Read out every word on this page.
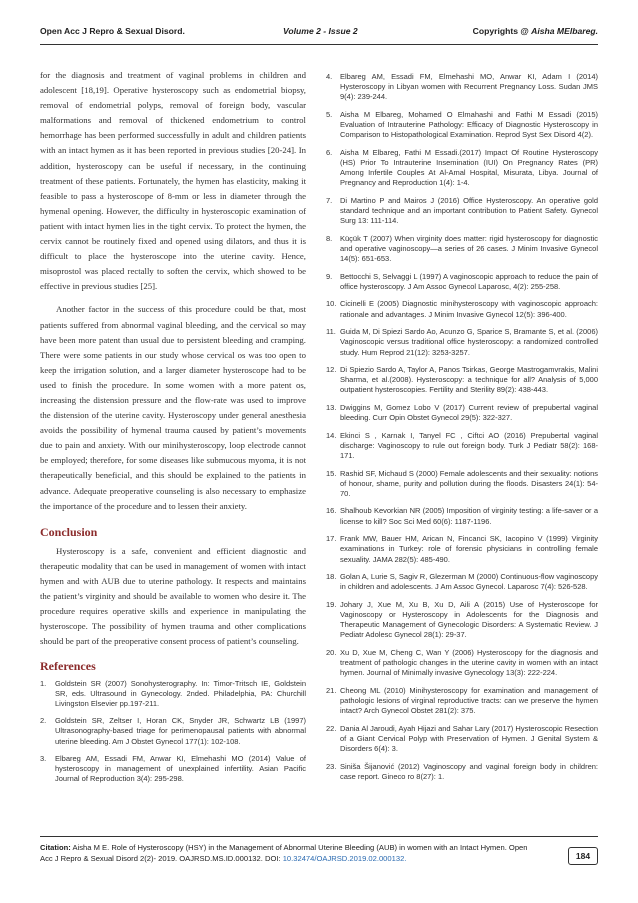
Open Acc J Repro & Sexual Disord.	Volume 2 - Issue 2	Copyrights @ Aisha MElbareg.

for the diagnosis and treatment of vaginal problems in children and adolescent [18,19]. Operative hysteroscopy such as endometrial biopsy, removal of endometrial polyps, removal of foreign body, vascular malformations and removal of thickened endometrium to control hemorrhage has been performed successfully in adult and children patients with an intact hymen as it has been reported in previous studies [20-24]. In addition, hysteroscopy can be useful if necessary, in the continuing treatment of these patients. Fortunately, the hymen has elasticity, making it feasible to pass a hysteroscope of 8-mm or less in diameter through the hymenal opening. However, the difficulty in hysteroscopic examination of patient with intact hymen lies in the tight cervix. To protect the hymen, the cervix cannot be routinely fixed and opened using dilators, and thus it is difficult to place the hysteroscope into the uterine cavity. Hence, misoprostol was placed rectally to soften the cervix, which showed to be effective in previous studies [25].

Another factor in the success of this procedure could be that, most patients suffered from abnormal vaginal bleeding, and the cervical so may have been more patent than usual due to persistent bleeding and cramping. There were some patients in our study whose cervical os was too open to keep the irrigation solution, and a larger diameter hysteroscope had to be used to finish the procedure. In some women with a more patent os, increasing the distension pressure and the flow-rate was used to improve the distension of the uterine cavity. Hysteroscopy under general anesthesia avoids the possibility of hymenal trauma caused by patient’s movements due to pain and anxiety. With our minihysteroscopy, loop electrode cannot be employed; therefore, for some diseases like submucous myoma, it is not therapeutically beneficial, and this should be explained to the patients in advance. Adequate preoperative counseling is also necessary to emphasize the importance of the procedure and to lessen their anxiety.

Conclusion

Hysteroscopy is a safe, convenient and efficient diagnostic and therapeutic modality that can be used in management of women with intact hymen and with AUB due to uterine pathology. It respects and maintains the patient’s virginity and should be available to women who desire it. The procedure requires operative skills and experience in manipulating the hysteroscope. The possibility of hymen trauma and other complications should be part of the preoperative consent process of patient’s counseling.

References
1. Goldstein SR (2007) Sonohysterography. In: Timor-Tritsch IE, Goldstein SR, eds. Ultrasound in Gynecology. 2nded. Philadelphia, PA: Churchill Livingston Elsevier pp.197-211.
2. Goldstein SR, Zeltser I, Horan CK, Snyder JR, Schwartz LB (1997) Ultrasonography-based triage for perimenopausal patients with abnormal uterine bleeding. Am J Obstet Gynecol 177(1): 102-108.
3. Elbareg AM, Essadi FM, Anwar KI, Elmehashi MO (2014) Value of hysteroscopy in management of unexplained infertility. Asian Pacific Journal of Reproduction 3(4): 295-298.
4. Elbareg AM, Essadi FM, Elmehashi MO, Anwar KI, Adam I (2014) Hysteroscopy in Libyan women with Recurrent Pregnancy Loss. Sudan JMS 9(4): 239-244.
5. Aisha M Elbareg, Mohamed O Elmahashi and Fathi M Essadi (2015) Evaluation of Intrauterine Pathology: Efficacy of Diagnostic Hysteroscopy in Comparison to Histopathological Examination. Reprod Syst Sex Disord 4(2).
6. Aisha M Elbareg, Fathi M Essadi.(2017) Impact Of Routine Hysteroscopy (HS) Prior To Intrauterine Insemination (IUI) On Pregnancy Rates (PR) Among Infertile Couples At Al-Amal Hospital, Misurata, Libya. Journal of Pregnancy and Reproduction 1(4): 1-4.
7. Di Martino P and Mairos J (2016) Office Hysteroscopy. An operative gold standard technique and an important contribution to Patient Safety. Gynecol Surg 13: 111-114.
8. Küçük T (2007) When virginity does matter: rigid hysteroscopy for diagnostic and operative vaginoscopy—a series of 26 cases. J Minim Invasive Gynecol 14(5): 651-653.
9. Bettocchi S, Selvaggi L (1997) A vaginoscopic approach to reduce the pain of office hysteroscopy. J Am Assoc Gynecol Laparosc, 4(2): 255-258.
10. Cicinelli E (2005) Diagnostic minihysteroscopy with vaginoscopic approach: rationale and advantages. J Minim Invasive Gynecol 12(5): 396-400.
11. Guida M, Di Spiezi Sardo Ao, Acunzo G, Sparice S, Bramante S, et al. (2006) Vaginoscopic versus traditional office hysteroscopy: a randomized controlled study. Hum Reprod 21(12): 3253-3257.
12. Di Spiezio Sardo A, Taylor A, Panos Tsirkas, George Mastrogamvrakis, Malini Sharma, et al.(2008). Hysteroscopy: a technique for all? Analysis of 5,000 outpatient hysteroscopies. Fertility and Sterility 89(2): 438-443.
13. Dwiggins M, Gomez Lobo V (2017) Current review of prepubertal vaginal bleeding. Curr Opin Obstet Gynecol 29(5): 322-327.
14. Ekinci S , Karnak I, Tanyel FC , Ciftci AO (2016) Prepubertal vaginal discharge: Vaginoscopy to rule out foreign body. Turk J Pediatr 58(2): 168-171.
15. Rashid SF, Michaud S (2000) Female adolescents and their sexuality: notions of honour, shame, purity and pollution during the floods. Disasters 24(1): 54-70.
16. Shalhoub Kevorkian NR (2005) Imposition of virginity testing: a life-saver or a license to kill? Soc Sci Med 60(6): 1187-1196.
17. Frank MW, Bauer HM, Arican N, Fincanci SK, Iacopino V (1999) Virginity examinations in Turkey: role of forensic physicians in controlling female sexuality. JAMA 282(5): 485-490.
18. Golan A, Lurie S, Sagiv R, Glezerman M (2000) Continuous-flow vaginoscopy in children and adolescents. J Am Assoc Gynecol. Laparosc 7(4): 526-528.
19. Johary J, Xue M, Xu B, Xu D, Aili A (2015) Use of Hysteroscope for Vaginoscopy or Hysteroscopy in Adolescents for the Diagnosis and Therapeutic Management of Gynecologic Disorders: A Systematic Review. J Pediatr Adolesc Gynecol 28(1): 29-37.
20. Xu D, Xue M, Cheng C, Wan Y (2006) Hysteroscopy for the diagnosis and treatment of pathologic changes in the uterine cavity in women with an intact hymen. Journal of Minimally invasive Gynecology 13(3): 222-224.
21. Cheong ML (2010) Minihysteroscopy for examination and management of pathologic lesions of virginal reproductive tracts: can we preserve the hymen intact? Arch Gynecol Obstet 281(2): 375.
22. Dania Al Jaroudi, Ayah Hijazi and Sahar Lary (2017) Hysteroscopic Resection of a Giant Cervical Polyp with Preservation of Hymen. J Genital System & Disorders 6(4): 3.
23. Siniša Šijanović (2012) Vaginoscopy and vaginal foreign body in children: case report. Gineco ro 8(27): 1.
Citation: Aisha M E. Role of Hysteroscopy (HSY) in the Management of Abnormal Uterine Bleeding (AUB) in women with an Intact Hymen. Open Acc J Repro & Sexual Disord 2(2)- 2019. OAJRSD.MS.ID.000132. DOI: 10.32474/OAJRSD.2019.02.000132.	184
